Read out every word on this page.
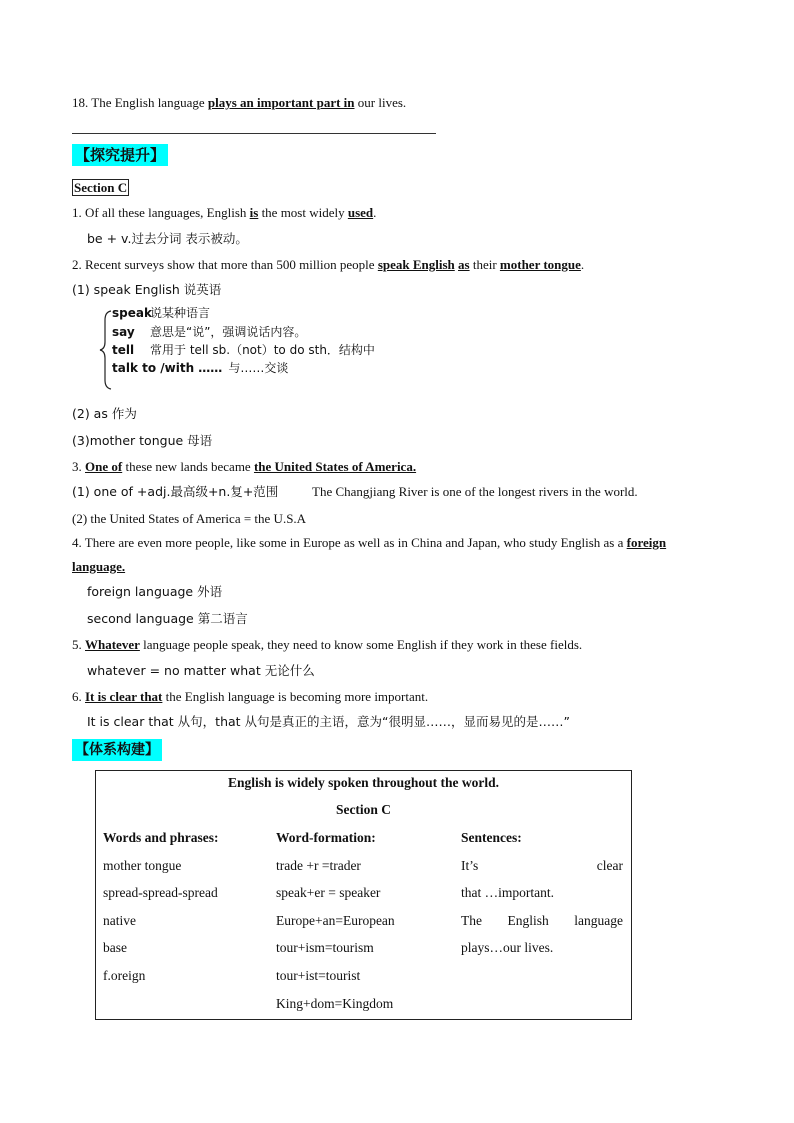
18. The English language plays an important part in our lives.
【探究提升】
Section C
1. Of all these languages, English is the most widely used.
be + v.过去分词 表示被动。
2. Recent surveys show that more than 500 million people speak English as their mother tongue.
(1) speak English 说英语
speak说某种语言
say 意思是“说”，强调说话内容。
tell 常用于 tell sb.（not）to do sth．结构中
talk to /with …… 与……交谈
(2) as 作为
(3)mother tongue 母语
3. One of these new lands became the United States of America.
(1) one of +adj.最高级+n.复+范围	The Changjiang River is one of the longest rivers in the world.
(2) the United States of America = the U.S.A
4. There are even more people, like some in Europe as well as in China and Japan, who study English as a foreign
language.
foreign language 外语
second language 第二语言
5. Whatever language people speak, they need to know some English if they work in these fields.
whatever = no matter what 无论什么
6. It is clear that the English language is becoming more important.
It is clear that 从句，that 从句是真正的主语，意为“很明显……，显而易见的是……”
【体系构建】
English is widely spoken throughout the world.
Section C
Words and phrases:
mother tongue
spread-spread-spread
native
base
f.oreign
Word-formation:
trade +r =trader
speak+er = speaker
Europe+an=European
tour+ism=tourism
tour+ist=tourist
King+dom=Kingdom
Sentences:
It’s	clear
that …important.
The English language
plays…our lives.
